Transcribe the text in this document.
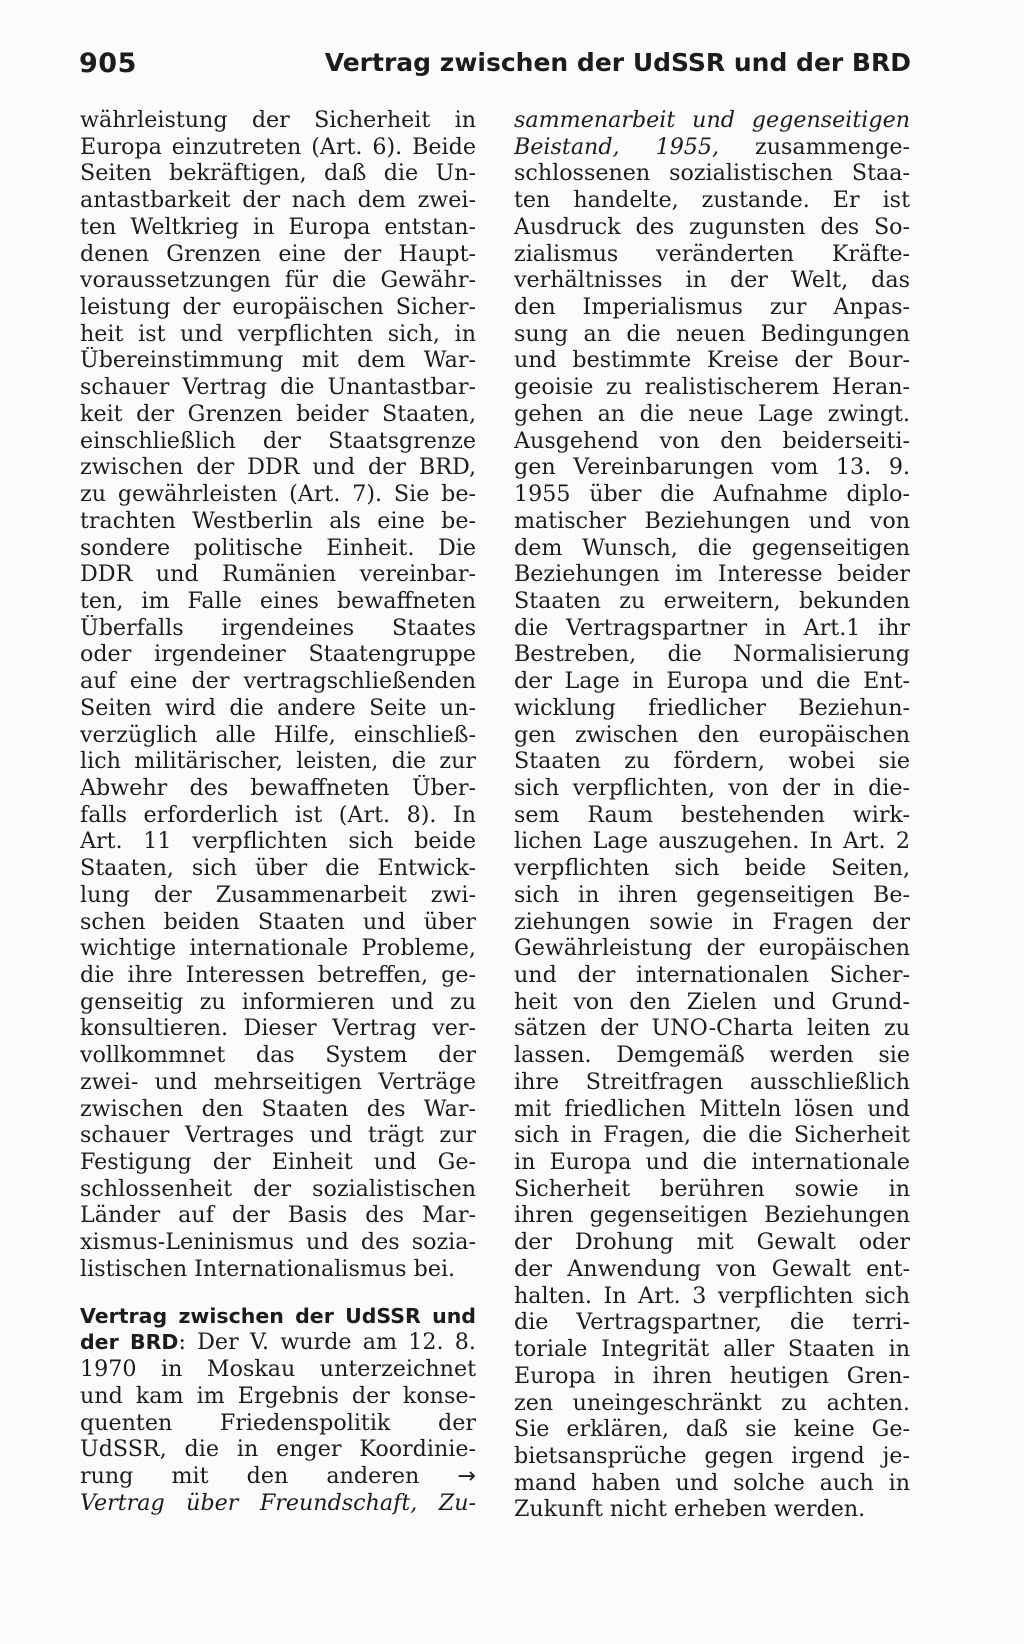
905	Vertrag zwischen der UdSSR und der BRD
währleistung der Sicherheit in
Europa einzutreten (Art. 6). Beide
Seiten bekräftigen, daß die Un-
antastbarkeit der nach dem zwei-
ten Weltkrieg in Europa entstan-
denen Grenzen eine der Haupt-
voraussetzungen für die Gewähr-
leistung der europäischen Sicher-
heit ist und verpflichten sich, in
Übereinstimmung mit dem War-
schauer Vertrag die Unantastbar-
keit der Grenzen beider Staaten,
einschließlich der Staatsgrenze
zwischen der DDR und der BRD,
zu gewährleisten (Art. 7). Sie be-
trachten Westberlin als eine be-
sondere politische Einheit. Die
DDR und Rumänien vereinbar-
ten, im Falle eines bewaffneten
Überfalls irgendeines Staates
oder irgendeiner Staatengruppe
auf eine der vertragschließenden
Seiten wird die andere Seite un-
verzüglich alle Hilfe, einschließ-
lich militärischer, leisten, die zur
Abwehr des bewaffneten Über-
falls erforderlich ist (Art. 8). In
Art. 11 verpflichten sich beide
Staaten, sich über die Entwick-
lung der Zusammenarbeit zwi-
schen beiden Staaten und über
wichtige internationale Probleme,
die ihre Interessen betreffen, ge-
genseitig zu informieren und zu
konsultieren. Dieser Vertrag ver-
vollkommnet das System der
zwei- und mehrseitigen Verträge
zwischen den Staaten des War-
schauer Vertrages und trägt zur
Festigung der Einheit und Ge-
schlossenheit der sozialistischen
Länder auf der Basis des Mar-
xismus-Leninismus und des sozia-
listischen Internationalismus bei.
Vertrag zwischen der UdSSR und
der BRD: Der V. wurde am 12. 8.
1970 in Moskau unterzeichnet
und kam im Ergebnis der konse-
quenten Friedenspolitik der
UdSSR, die in enger Koordinie-
rung mit den anderen →
Vertrag über Freundschaft, Zu-
sammenarbeit und gegenseitigen
Beistand, 1955, zusammenge-
schlossenen sozialistischen Staa-
ten handelte, zustande. Er ist
Ausdruck des zugunsten des So-
zialismus veränderten Kräfte-
verhältnisses in der Welt, das
den Imperialismus zur Anpas-
sung an die neuen Bedingungen
und bestimmte Kreise der Bour-
geoisie zu realistischerem Heran-
gehen an die neue Lage zwingt.
Ausgehend von den beiderseiti-
gen Vereinbarungen vom 13. 9.
1955 über die Aufnahme diplo-
matischer Beziehungen und von
dem Wunsch, die gegenseitigen
Beziehungen im Interesse beider
Staaten zu erweitern, bekunden
die Vertragspartner in Art.1 ihr
Bestreben, die Normalisierung
der Lage in Europa und die Ent-
wicklung friedlicher Beziehun-
gen zwischen den europäischen
Staaten zu fördern, wobei sie
sich verpflichten, von der in die-
sem Raum bestehenden wirk-
lichen Lage auszugehen. In Art. 2
verpflichten sich beide Seiten,
sich in ihren gegenseitigen Be-
ziehungen sowie in Fragen der
Gewährleistung der europäischen
und der internationalen Sicher-
heit von den Zielen und Grund-
sätzen der UNO-Charta leiten zu
lassen. Demgemäß werden sie
ihre Streitfragen ausschließlich
mit friedlichen Mitteln lösen und
sich in Fragen, die die Sicherheit
in Europa und die internationale
Sicherheit berühren sowie in
ihren gegenseitigen Beziehungen
der Drohung mit Gewalt oder
der Anwendung von Gewalt ent-
halten. In Art. 3 verpflichten sich
die Vertragspartner, die terri-
toriale Integrität aller Staaten in
Europa in ihren heutigen Gren-
zen uneingeschränkt zu achten.
Sie erklären, daß sie keine Ge-
bietsansprüche gegen irgend je-
mand haben und solche auch in
Zukunft nicht erheben werden.
